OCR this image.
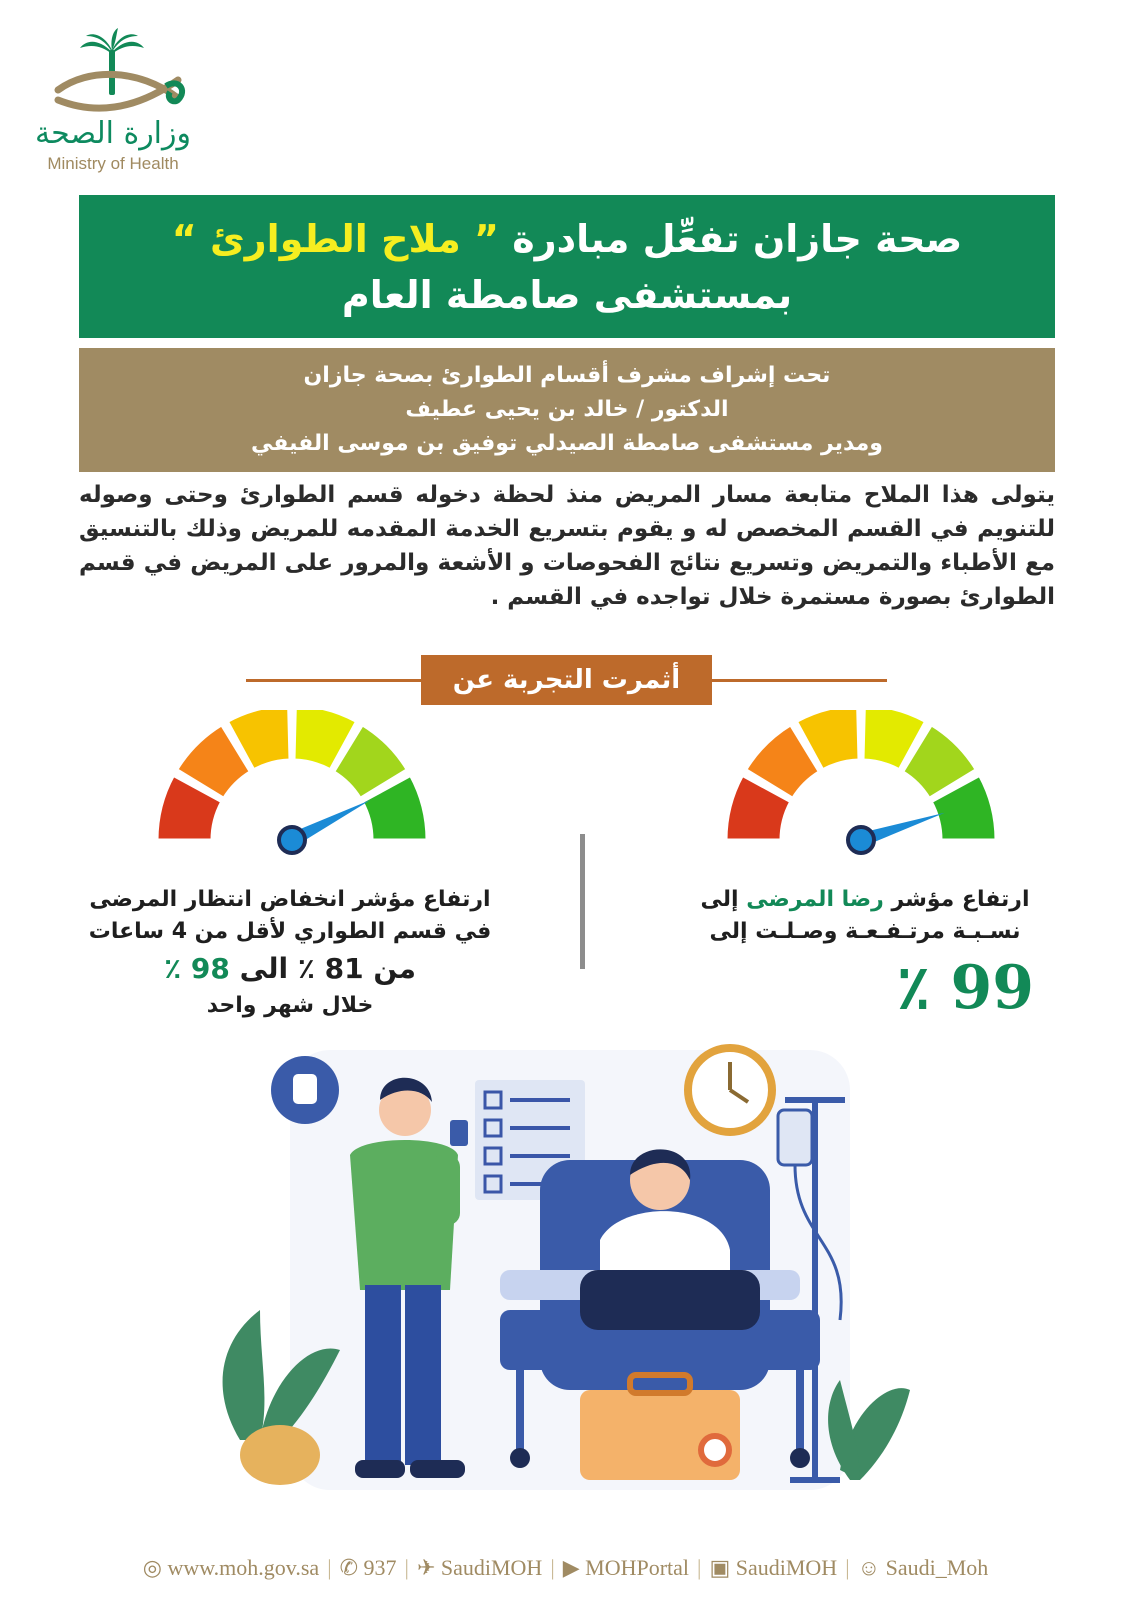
وزارة الصحة
Ministry of Health
صحة جازان تفعِّل مبادرة ” ملاح الطوارئ “
بمستشفى صامطة العام
تحت إشراف مشرف أقسام الطوارئ بصحة جازان
الدكتور / خالد بن يحيى عطيف
ومدير مستشفى صامطة الصيدلي توفيق بن موسى الفيفي
يتولى هذا الملاح متابعة مسار المريض منذ لحظة دخوله قسم الطوارئ وحتى وصوله للتنويم في القسم المخصص له و يقوم بتسريع الخدمة المقدمه للمريض وذلك بالتنسيق مع الأطباء والتمريض وتسريع نتائج الفحوصات و الأشعة والمرور على المريض في قسم الطوارئ بصورة مستمرة خلال تواجده في القسم .
أثمرت التجربة عن
ارتفاع مؤشر انخفاض انتظار المرضى
في قسم الطواري لأقل من 4 ساعات
من 81 ٪ الى 98 ٪
خلال شهر واحد
ارتفاع مؤشر رضا المرضى إلى
نسـبـة مرتـفـعـة وصـلـت إلى
99 ٪
◎ www.moh.gov.sa | ✆ 937 | ✈ SaudiMOH | ▶ MOHPortal | ▣ SaudiMOH | ☺ Saudi_Moh
